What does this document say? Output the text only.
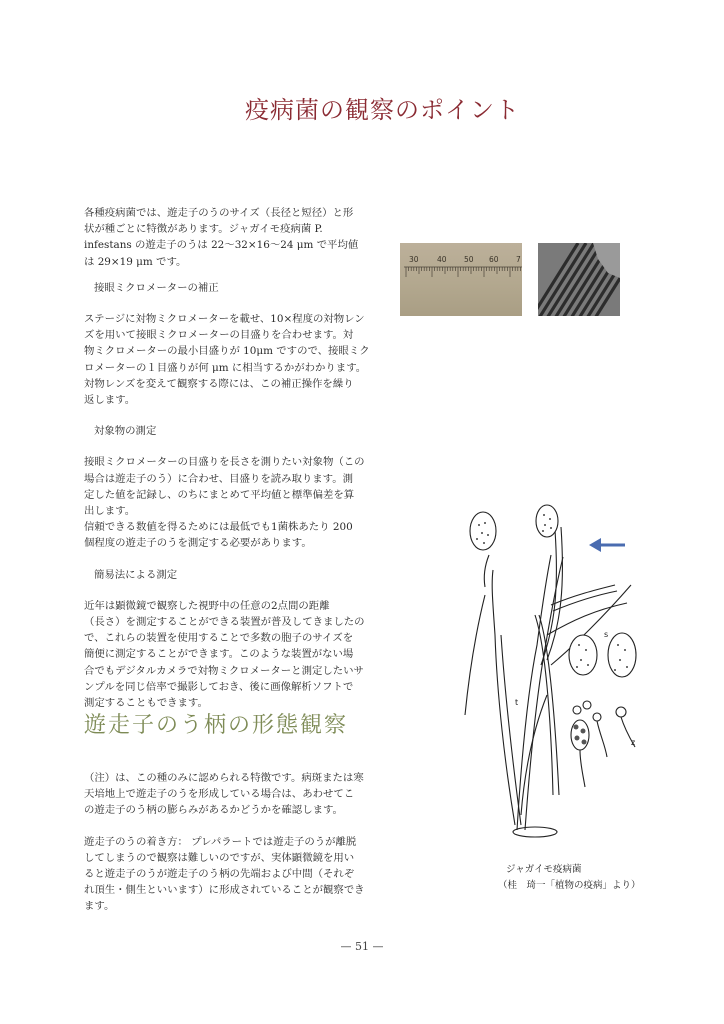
疫病菌の観察のポイント

各種疫病菌では、遊走子のうのサイズ（長径と短径）と形

状が種ごとに特徴があります。ジャガイモ疫病菌 P.

infestans の遊走子のうは 22〜32×16〜24 μm で平均値

は 29×19 μm です。

接眼ミクロメーターの補正

ステージに対物ミクロメーターを載せ、10×程度の対物レン

ズを用いて接眼ミクロメーターの目盛りを合わせます。対

物ミクロメーターの最小目盛りが 10μm ですので、接眼ミク

ロメーターの１目盛りが何 μm に相当するかがわかります。

対物レンズを変えて観察する際には、この補正操作を繰り

返します。

対象物の測定

接眼ミクロメーターの目盛りを長さを測りたい対象物（この

場合は遊走子のう）に合わせ、目盛りを読み取ります。測

定した値を記録し、のちにまとめて平均値と標準偏差を算

出します。

信頼できる数値を得るためには最低でも1菌株あたり 200

個程度の遊走子のうを測定する必要があります。

簡易法による測定

近年は顕微鏡で観察した視野中の任意の2点間の距離

（長さ）を測定することができる装置が普及してきましたの

で、これらの装置を使用することで多数の胞子のサイズを

簡便に測定することができます。このような装置がない場

合でもデジタルカメラで対物ミクロメーターと測定したいサ

ンプルを同じ倍率で撮影しておき、後に画像解析ソフトで

測定することもできます。

遊走子のう柄の形態観察

（注）は、この種のみに認められる特徴です。病斑または寒

天培地上で遊走子のうを形成している場合は、あわせてこ

の遊走子のう柄の膨らみがあるかどうかを確認します。

遊走子のうの着き方： プレパラートでは遊走子のうが離脱

してしまうので観察は難しいのですが、実体顕微鏡を用い

ると遊走子のうが遊走子のう柄の先端および中間（それぞ

れ頂生・側生といいます）に形成されていることが観察でき

ます。

30 40 50 60 7
s
t
z

ジャガイモ疫病菌

（桂　琦一「植物の疫病」より）

— 51 —
